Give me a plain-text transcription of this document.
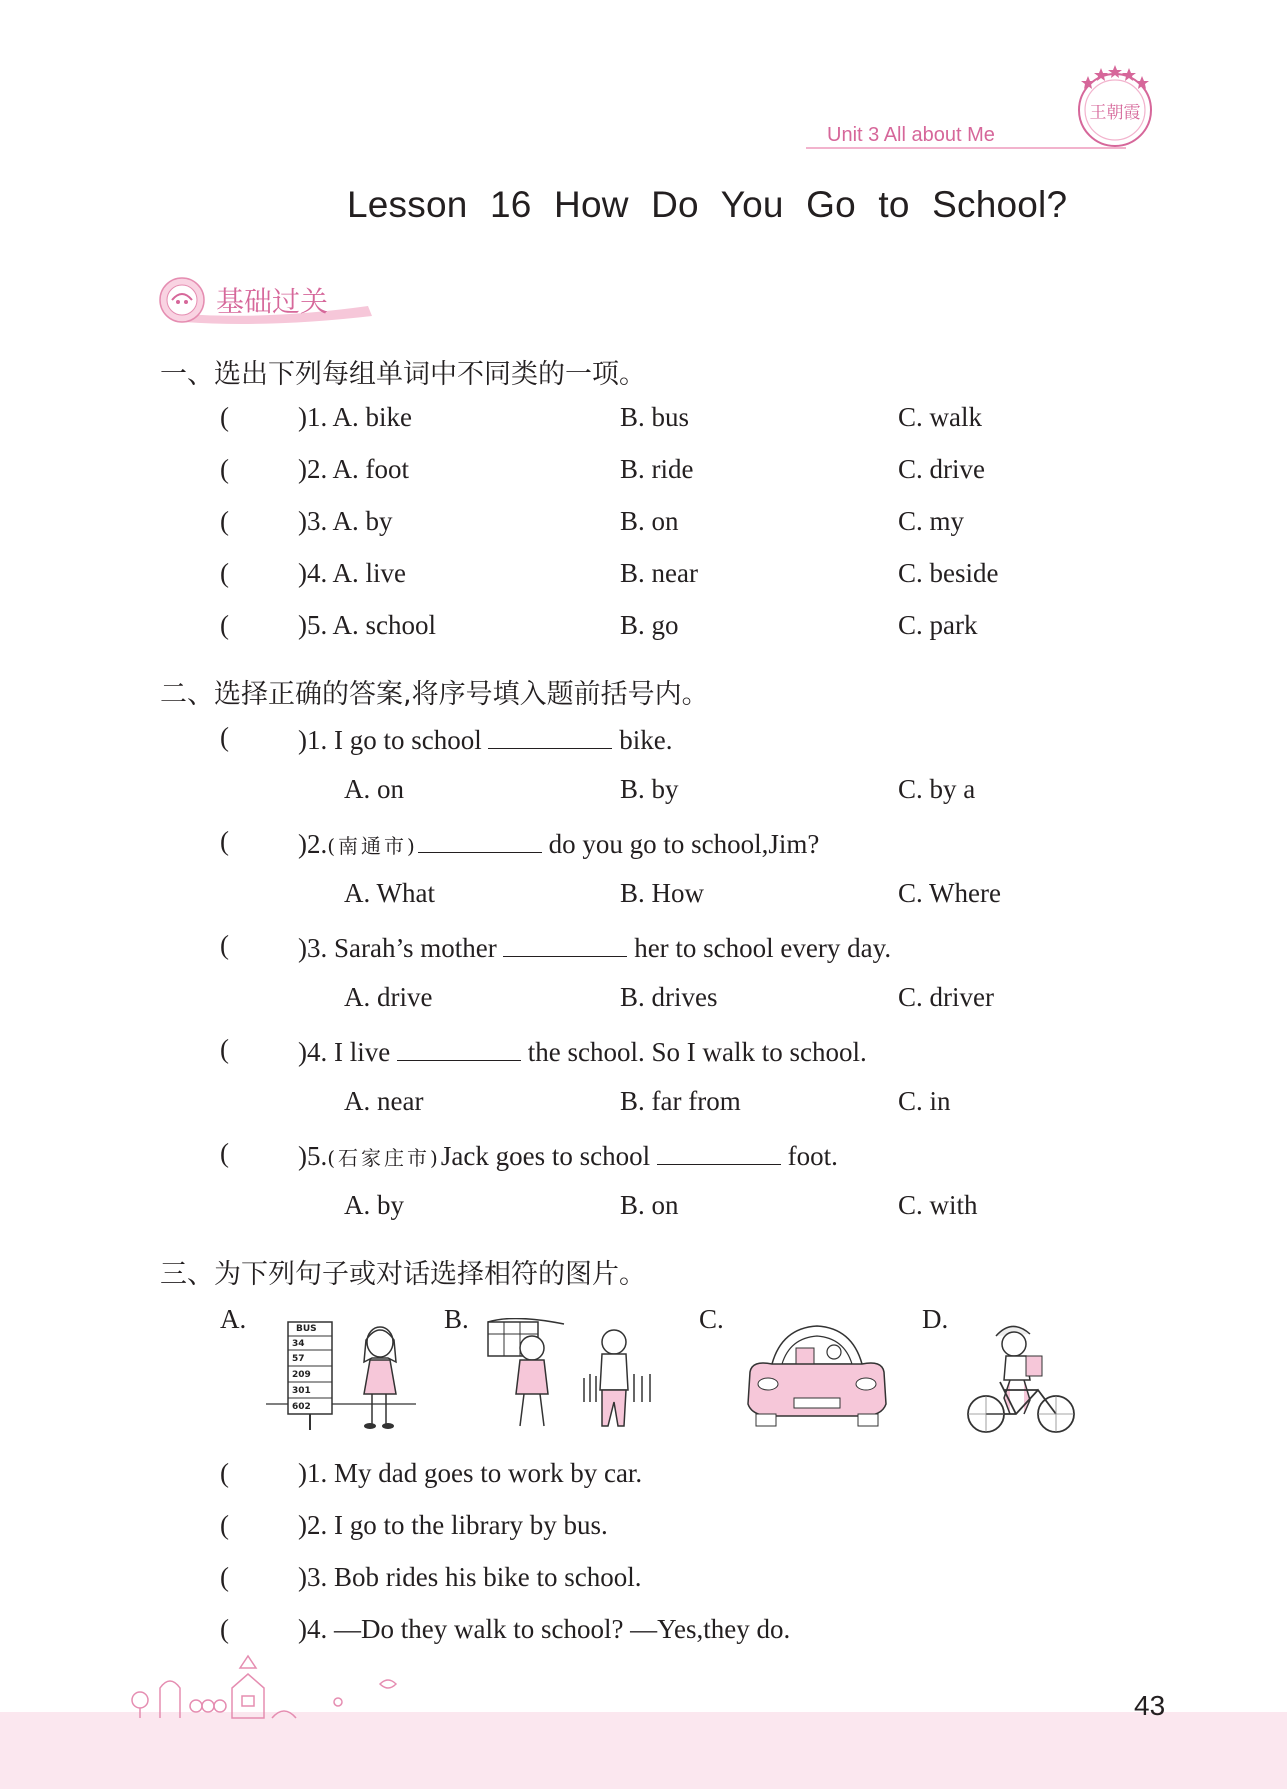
Unit 3 All about Me
王朝霞
Lesson 16 How Do You Go to School?
基础过关
一、选出下列每组单词中不同类的一项。
(	)1. A. bike	B. bus	C. walk
(	)2. A. foot	B. ride	C. drive
(	)3. A. by	B. on	C. my
(	)4. A. live	B. near	C. beside
(	)5. A. school	B. go	C. park
二、选择正确的答案,将序号填入题前括号内。
(	)1. I go to school	bike.
A. on	B. by	C. by a
(	)2.(南通市)	do you go to school,Jim?
A. What	B. How	C. Where
(	)3. Sarah’s mother	her to school every day.
A. drive	B. drives	C. driver
(	)4. I live	the school. So I walk to school.
A. near	B. far from	C. in
(	)5.(石家庄市)Jack goes to school	foot.
A. by	B. on	C. with
三、为下列句子或对话选择相符的图片。
A.	B.	C.	D.
BUS
34
57
209
301
602
(	)1. My dad goes to work by car.
(	)2. I go to the library by bus.
(	)3. Bob rides his bike to school.
(	)4. —Do they walk to school? —Yes,they do.
43
